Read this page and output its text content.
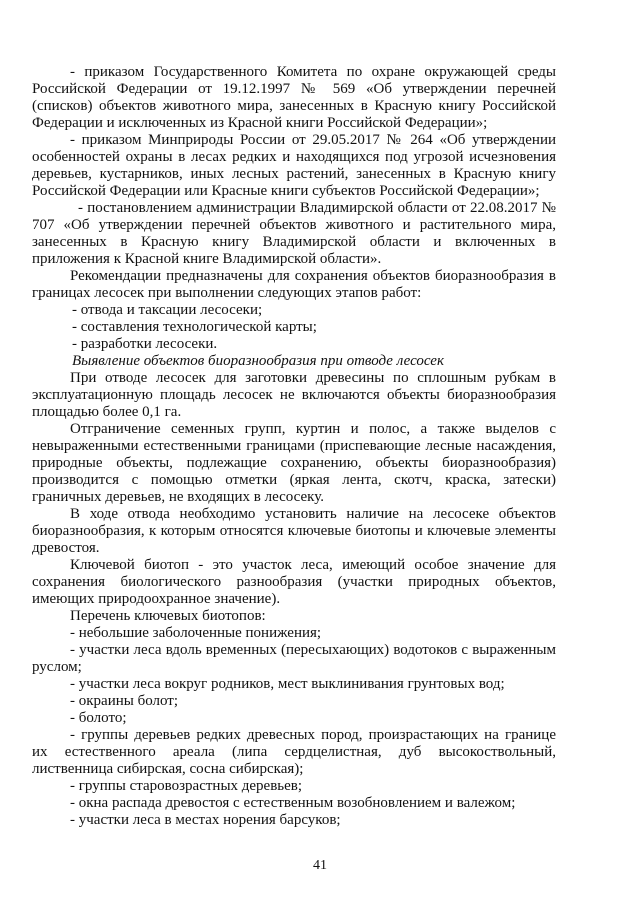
- приказом Государственного Комитета по охране окружающей среды Российской Федерации от 19.12.1997 № 569 «Об утверждении перечней (списков) объектов животного мира, занесенных в Красную книгу Российской Федерации и исключенных из Красной книги Российской Федерации»;

- приказом Минприроды России от 29.05.2017 № 264 «Об утверждении особенностей охраны в лесах редких и находящихся под угрозой исчезновения деревьев, кустарников, иных лесных растений, занесенных в Красную книгу Российской Федерации или Красные книги субъектов Российской Федерации»;

- постановлением администрации Владимирской области от 22.08.2017 № 707 «Об утверждении перечней объектов животного и растительного мира, занесенных в Красную книгу Владимирской области и включенных в приложения к Красной книге Владимирской области».

Рекомендации предназначены для сохранения объектов биоразнообразия в границах лесосек при выполнении следующих этапов работ:

- отвода и таксации лесосеки;

- составления технологической карты;

- разработки лесосеки.

Выявление объектов биоразнообразия при отводе лесосек

При отводе лесосек для заготовки древесины по сплошным рубкам в эксплуатационную площадь лесосек не включаются объекты биоразнообразия площадью более 0,1 га.

Отграничение семенных групп, куртин и полос, а также выделов с невыраженными естественными границами (приспевающие лесные насаждения, природные объекты, подлежащие сохранению, объекты биоразнообразия) производится с помощью отметки (яркая лента, скотч, краска, затески) граничных деревьев, не входящих в лесосеку.

В ходе отвода необходимо установить наличие на лесосеке объектов биоразнообразия, к которым относятся ключевые биотопы и ключевые элементы древостоя.

Ключевой биотоп - это участок леса, имеющий особое значение для сохранения биологического разнообразия (участки природных объектов, имеющих природоохранное значение).

Перечень ключевых биотопов:

- небольшие заболоченные понижения;

- участки леса вдоль временных (пересыхающих) водотоков с выраженным руслом;

- участки леса вокруг родников, мест выклинивания грунтовых вод;

- окраины болот;

- болото;

- группы деревьев редких древесных пород, произрастающих на границе их естественного ареала (липа сердцелистная, дуб высокоствольный, лиственница сибирская, сосна сибирская);

- группы старовозрастных деревьев;

- окна распада древостоя с естественным возобновлением и валежом;

- участки леса в местах норения барсуков;

41
